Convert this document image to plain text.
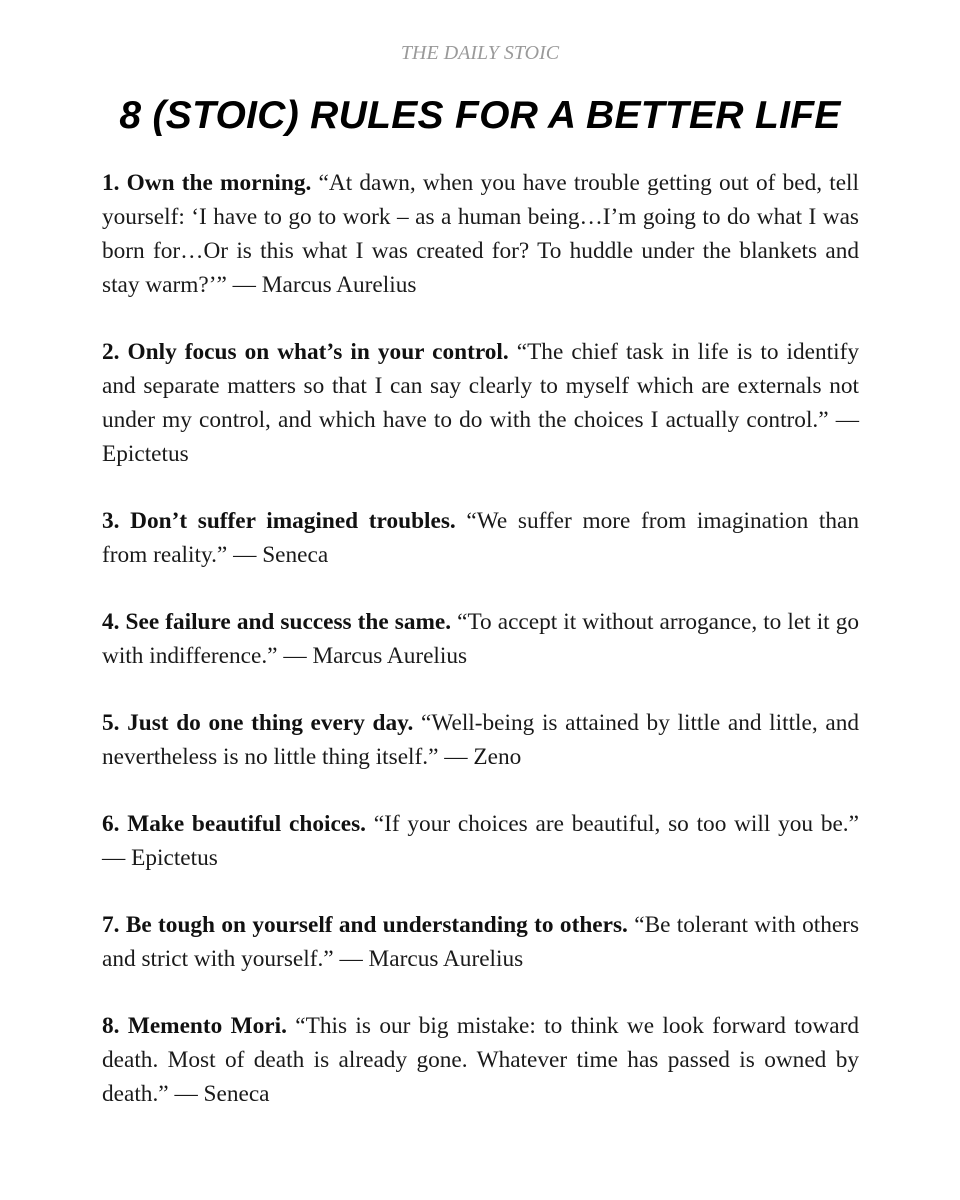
THE DAILY STOIC
8 (STOIC) RULES FOR A BETTER LIFE

1. Own the morning. “At dawn, when you have trouble getting out of bed, tell yourself: ‘I have to go to work – as a human being…I’m going to do what I was born for…Or is this what I was created for? To huddle under the blankets and stay warm?’” — Marcus Aurelius

2. Only focus on what’s in your control. “The chief task in life is to identify and separate matters so that I can say clearly to myself which are externals not under my control, and which have to do with the choices I actually control.” — Epictetus

3. Don’t suffer imagined troubles. “We suffer more from imagination than from reality.” — Seneca

4. See failure and success the same. “To accept it without arrogance, to let it go with indifference.” — Marcus Aurelius

5. Just do one thing every day. “Well-being is attained by little and little, and nevertheless is no little thing itself.” — Zeno

6. Make beautiful choices. “If your choices are beautiful, so too will you be.” — Epictetus

7. Be tough on yourself and understanding to others. “Be tolerant with others and strict with yourself.” — Marcus Aurelius

8. Memento Mori. “This is our big mistake: to think we look forward toward death. Most of death is already gone. Whatever time has passed is owned by death.” — Seneca
